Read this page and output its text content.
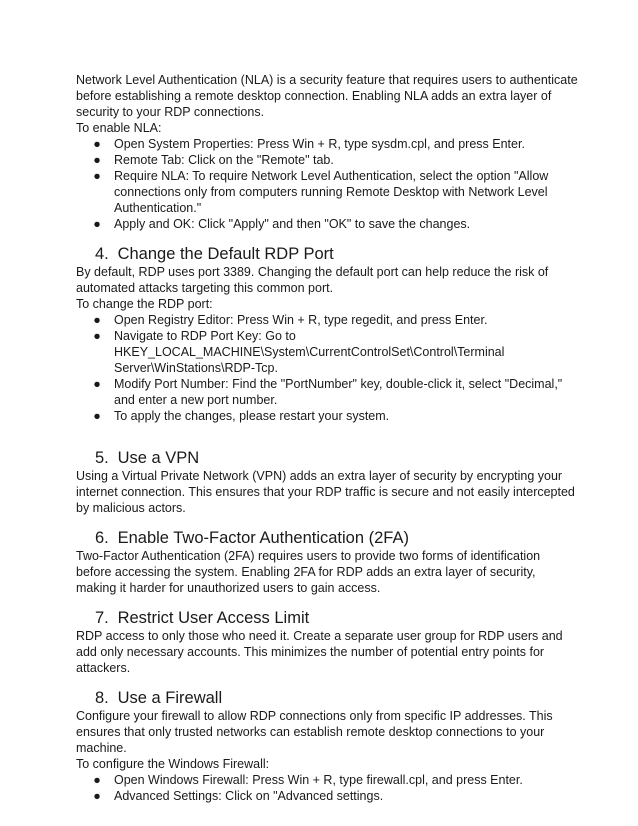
Network Level Authentication (NLA) is a security feature that requires users to authenticate before establishing a remote desktop connection. Enabling NLA adds an extra layer of security to your RDP connections.

To enable NLA:

● Open System Properties: Press Win + R, type sysdm.cpl, and press Enter.
● Remote Tab: Click on the "Remote" tab.
● Require NLA: To require Network Level Authentication, select the option "Allow connections only from computers running Remote Desktop with Network Level Authentication."
● Apply and OK: Click "Apply" and then "OK" to save the changes.
4. Change the Default RDP Port

By default, RDP uses port 3389. Changing the default port can help reduce the risk of automated attacks targeting this common port.

To change the RDP port:

● Open Registry Editor: Press Win + R, type regedit, and press Enter.
● Navigate to RDP Port Key: Go to HKEY_LOCAL_MACHINE\System\CurrentControlSet\Control\Terminal Server\WinStations\RDP-Tcp.
● Modify Port Number: Find the "PortNumber" key, double-click it, select "Decimal," and enter a new port number.
● To apply the changes, please restart your system.
5. Use a VPN

Using a Virtual Private Network (VPN) adds an extra layer of security by encrypting your internet connection. This ensures that your RDP traffic is secure and not easily intercepted by malicious actors.

6. Enable Two-Factor Authentication (2FA)

Two-Factor Authentication (2FA) requires users to provide two forms of identification before accessing the system. Enabling 2FA for RDP adds an extra layer of security, making it harder for unauthorized users to gain access.

7. Restrict User Access Limit

RDP access to only those who need it. Create a separate user group for RDP users and add only necessary accounts. This minimizes the number of potential entry points for attackers.

8. Use a Firewall

Configure your firewall to allow RDP connections only from specific IP addresses. This ensures that only trusted networks can establish remote desktop connections to your machine.

To configure the Windows Firewall:

● Open Windows Firewall: Press Win + R, type firewall.cpl, and press Enter.
● Advanced Settings: Click on "Advanced settings.
